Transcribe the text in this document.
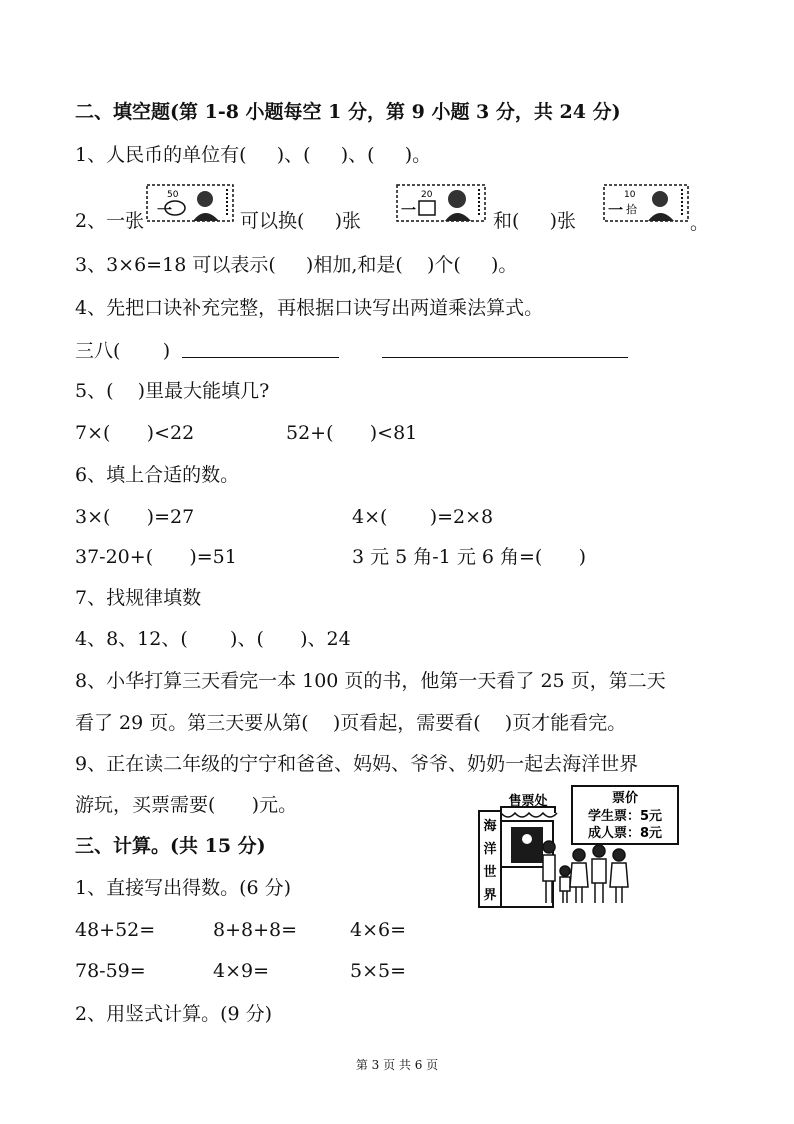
二、填空题(第 1-8 小题每空 1 分，第 9 小题 3 分，共 24 分)
1、人民币的单位有(     )、(     )、(     )。
2、一张
50
一	可以换(     )张
20
一	和(     )张
10
一 拾
。
3、3×6=18 可以表示(     )相加,和是(    )个(     )。
4、先把口诀补充完整，再根据口诀写出两道乘法算式。
三八(       )
5、(    )里最大能填几?
7×(      )<22	52+(      )<81
6、填上合适的数。
3×(      )=27	4×(       )=2×8
37-20+(      )=51	3 元 5 角-1 元 6 角=(      )
7、找规律填数
4、8、12、(       )、(      )、24
8、小华打算三天看完一本 100 页的书，他第一天看了 25 页，第二天
看了 29 页。第三天要从第(    )页看起，需要看(    )页才能看完。
9、正在读二年级的宁宁和爸爸、妈妈、爷爷、奶奶一起去海洋世界
游玩，买票需要(      )元。	票价
学生票：5元
成人票：8元
售票处
海
洋
世
界
三、计算。(共 15 分)
1、直接写出得数。(6 分)
48+52=	8+8+8=	4×6=
78-59=	4×9=	5×5=
2、用竖式计算。(9 分)
第 3 页 共 6 页
